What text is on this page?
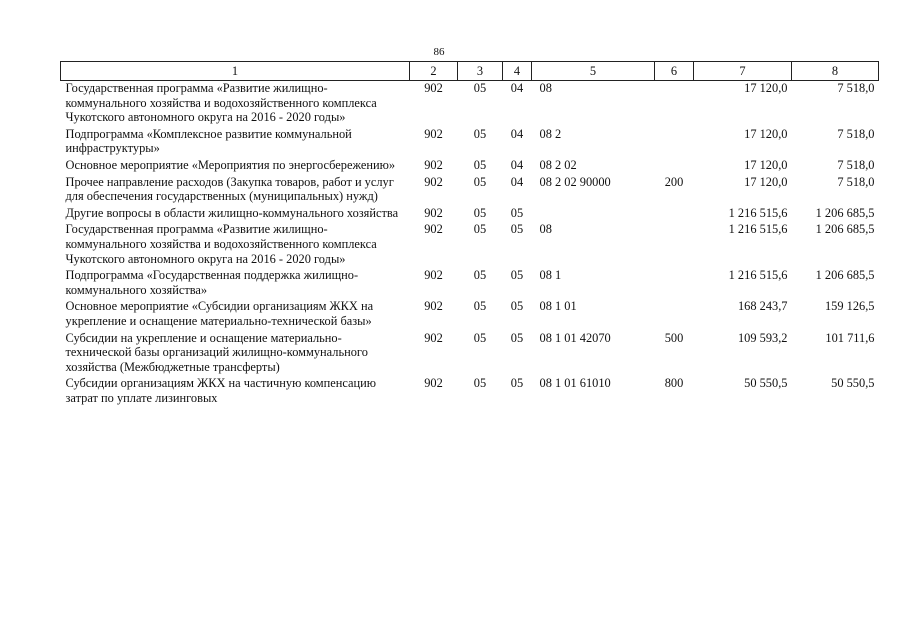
86
1	2	3	4	5	6	7	8
Государственная программа «Развитие жилищно-коммунального хозяйства и водохозяйственного комплекса Чукотского автономного округа на 2016 - 2020 годы»	902	05	04	08		17 120,0	7 518,0
Подпрограмма «Комплексное развитие коммунальной инфраструктуры»	902	05	04	08 2		17 120,0	7 518,0
Основное мероприятие «Мероприятия по энергосбережению»	902	05	04	08 2 02		17 120,0	7 518,0
Прочее направление расходов (Закупка товаров, работ и услуг для обеспечения государственных (муниципальных) нужд)	902	05	04	08 2 02 90000	200	17 120,0	7 518,0
Другие вопросы в области жилищно-коммунального хозяйства	902	05	05			1 216 515,6	1 206 685,5
Государственная программа «Развитие жилищно-коммунального хозяйства и водохозяйственного комплекса Чукотского автономного округа на 2016 - 2020 годы»	902	05	05	08		1 216 515,6	1 206 685,5
Подпрограмма «Государственная поддержка жилищно-коммунального хозяйства»	902	05	05	08 1		1 216 515,6	1 206 685,5
Основное мероприятие «Субсидии организациям ЖКХ на укрепление и оснащение материально-технической базы»	902	05	05	08 1 01		168 243,7	159 126,5
Субсидии на укрепление и оснащение материально-технической базы организаций жилищно-коммунального хозяйства (Межбюджетные трансферты)	902	05	05	08 1 01 42070	500	109 593,2	101 711,6
Субсидии организациям ЖКХ на частичную компенсацию затрат по уплате лизинговых	902	05	05	08 1 01 61010	800	50 550,5	50 550,5
